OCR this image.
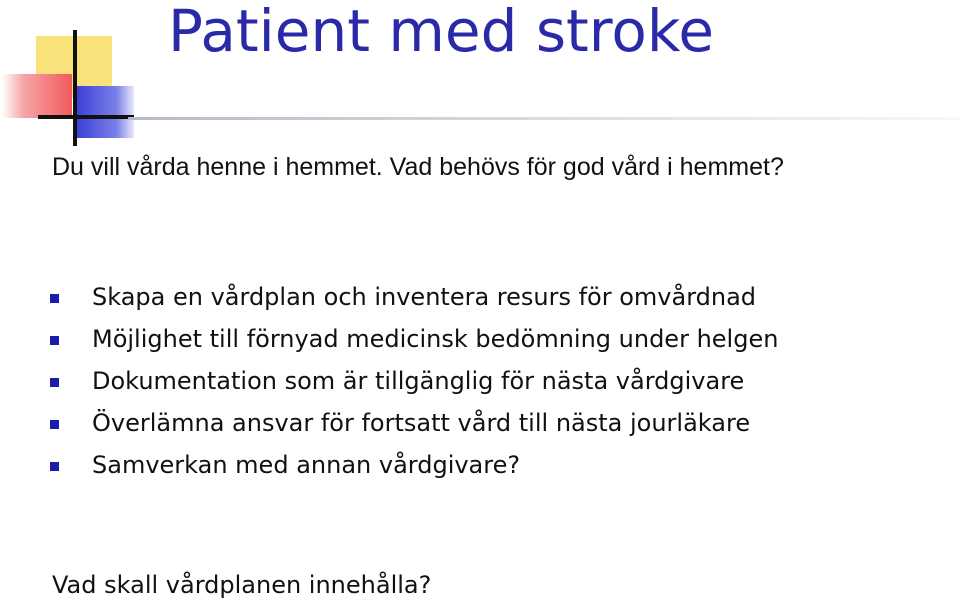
Patient med stroke
Du vill vårda henne i hemmet. Vad behövs för god vård i hemmet?
Skapa en vårdplan och inventera resurs för omvårdnad
Möjlighet till förnyad medicinsk bedömning under helgen
Dokumentation som är tillgänglig för nästa vårdgivare
Överlämna ansvar för fortsatt vård till nästa jourläkare
Samverkan med annan vårdgivare?
Vad skall vårdplanen innehålla?
